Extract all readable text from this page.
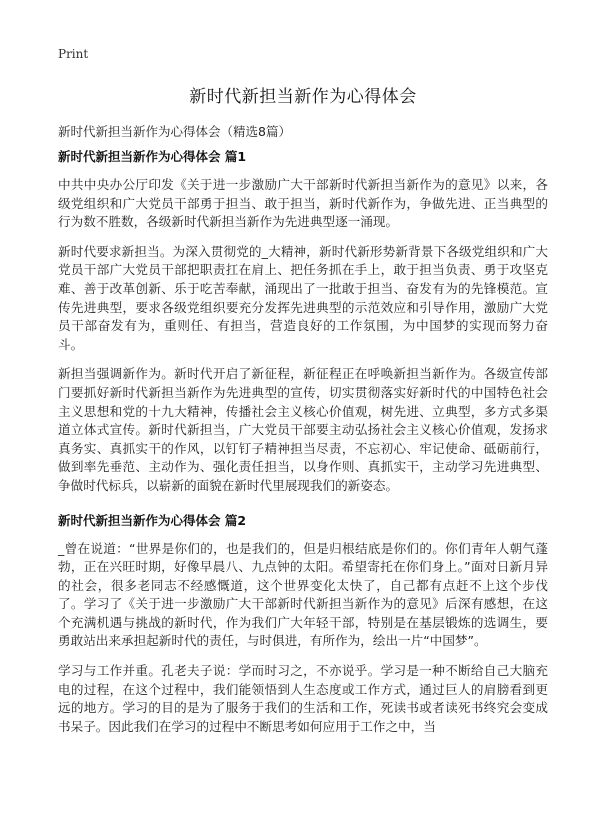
Print
新时代新担当新作为心得体会

新时代新担当新作为心得体会（精选8篇）

新时代新担当新作为心得体会 篇1

中共中央办公厅印发《关于进一步激励广大干部新时代新担当新作为的意见》以来，各级党组织和广大党员干部勇于担当、敢于担当，新时代新作为，争做先进、正当典型的行为数不胜数，各级新时代新担当新作为先进典型逐一涌现。

新时代要求新担当。为深入贯彻党的_大精神，新时代新形势新背景下各级党组织和广大党员干部广大党员干部把职责扛在肩上、把任务抓在手上，敢于担当负责、勇于攻坚克难、善于改革创新、乐于吃苦奉献，涌现出了一批敢于担当、奋发有为的先锋模范。宣传先进典型，要求各级党组织要充分发挥先进典型的示范效应和引导作用，激励广大党员干部奋发有为，重则任、有担当，营造良好的工作氛围，为中国梦的实现而努力奋斗。

新担当强调新作为。新时代开启了新征程，新征程正在呼唤新担当新作为。各级宣传部门要抓好新时代新担当新作为先进典型的宣传，切实贯彻落实好新时代的中国特色社会主义思想和党的十九大精神，传播社会主义核心价值观，树先进、立典型，多方式多渠道立体式宣传。新时代新担当，广大党员干部要主动弘扬社会主义核心价值观，发扬求真务实、真抓实干的作风，以钉钉子精神担当尽责，不忘初心、牢记使命、砥砺前行，做到率先垂范、主动作为、强化责任担当，以身作则、真抓实干，主动学习先进典型、争做时代标兵，以崭新的面貌在新时代里展现我们的新姿态。

新时代新担当新作为心得体会 篇2

_曾在说道：“世界是你们的，也是我们的，但是归根结底是你们的。你们青年人朝气蓬勃，正在兴旺时期，好像早晨八、九点钟的太阳。希望寄托在你们身上。”面对日新月异的社会，很多老同志不经感慨道，这个世界变化太快了，自己都有点赶不上这个步伐了。学习了《关于进一步激励广大干部新时代新担当新作为的意见》后深有感想，在这个充满机遇与挑战的新时代，作为我们广大年轻干部，特别是在基层锻炼的选调生，要勇敢站出来承担起新时代的责任，与时俱进，有所作为，绘出一片“中国梦”。

学习与工作并重。孔老夫子说：学而时习之，不亦说乎。学习是一种不断给自己大脑充电的过程，在这个过程中，我们能领悟到人生态度或工作方式，通过巨人的肩膀看到更远的地方。学习的目的是为了服务于我们的生活和工作，死读书或者读死书终究会变成书呆子。因此我们在学习的过程中不断思考如何应用于工作之中，当
